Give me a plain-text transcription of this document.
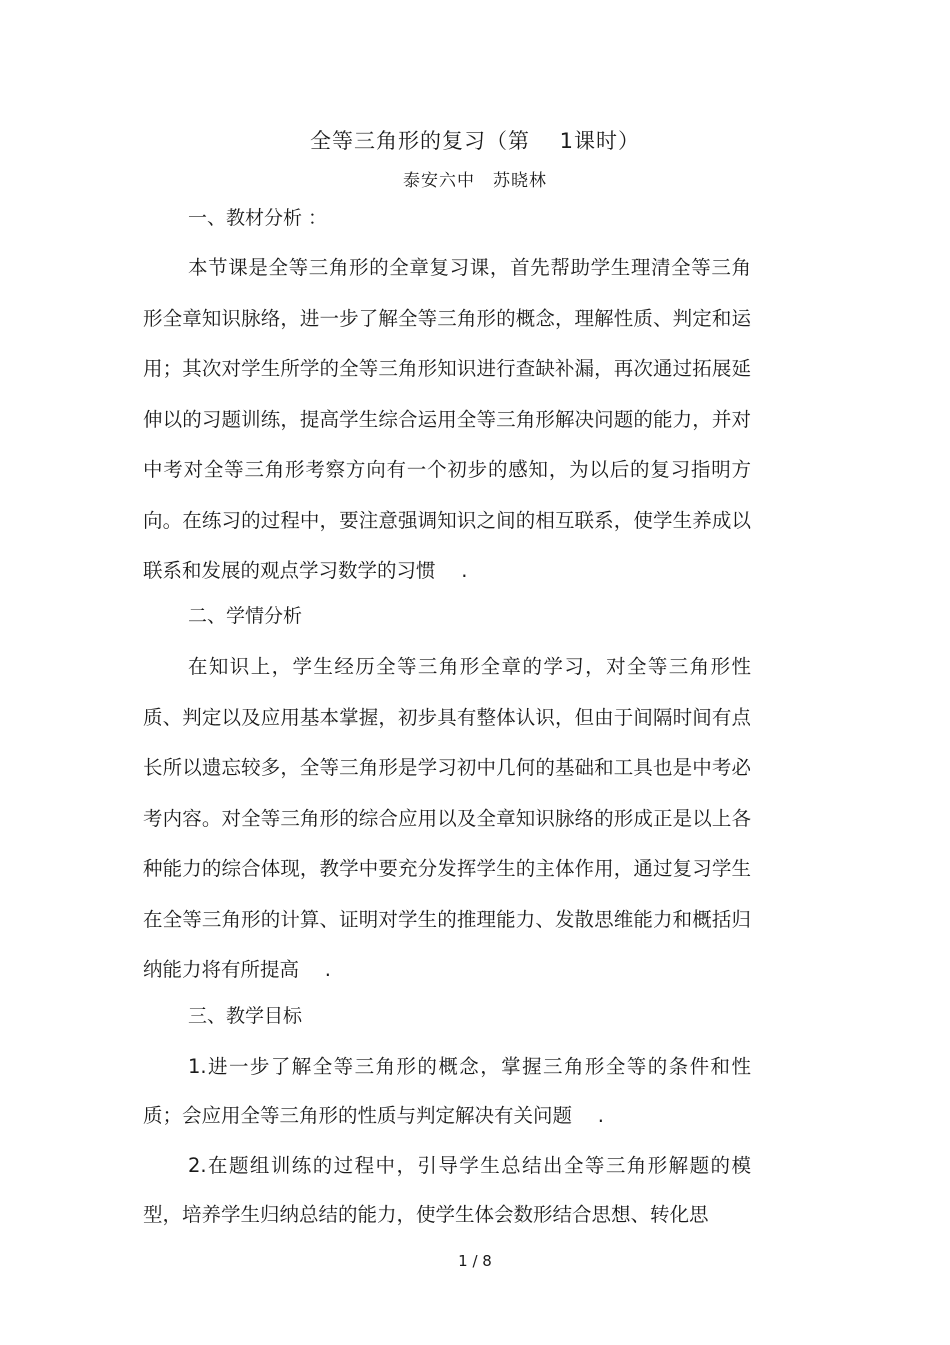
全等三角形的复习（第　 1课时）
泰安六中　苏晓林
一、教材分析 ：

本节课是全等三角形的全章复习课，首先帮助学生理清全等三角形全章知识脉络，进一步了解全等三角形的概念，理解性质、判定和运用；其次对学生所学的全等三角形知识进行查缺补漏，再次通过拓展延伸以的习题训练，提高学生综合运用全等三角形解决问题的能力，并对中考对全等三角形考察方向有一个初步的感知，为以后的复习指明方向。在练习的过程中，要注意强调知识之间的相互联系，使学生养成以联系和发展的观点学习数学的习惯　 .

二、学情分析

在知识上，学生经历全等三角形全章的学习，对全等三角形性质、判定以及应用基本掌握，初步具有整体认识，但由于间隔时间有点长所以遗忘较多，全等三角形是学习初中几何的基础和工具也是中考必考内容。对全等三角形的综合应用以及全章知识脉络的形成正是以上各种能力的综合体现，教学中要充分发挥学生的主体作用，通过复习学生在全等三角形的计算、证明对学生的推理能力、发散思维能力和概括归纳能力将有所提高　 .

三、教学目标

1.进一步了解全等三角形的概念，掌握三角形全等的条件和性质；会应用全等三角形的性质与判定解决有关问题　 .

2.在题组训练的过程中，引导学生总结出全等三角形解题的模型，培养学生归纳总结的能力，使学生体会数形结合思想、转化思

1 / 8
